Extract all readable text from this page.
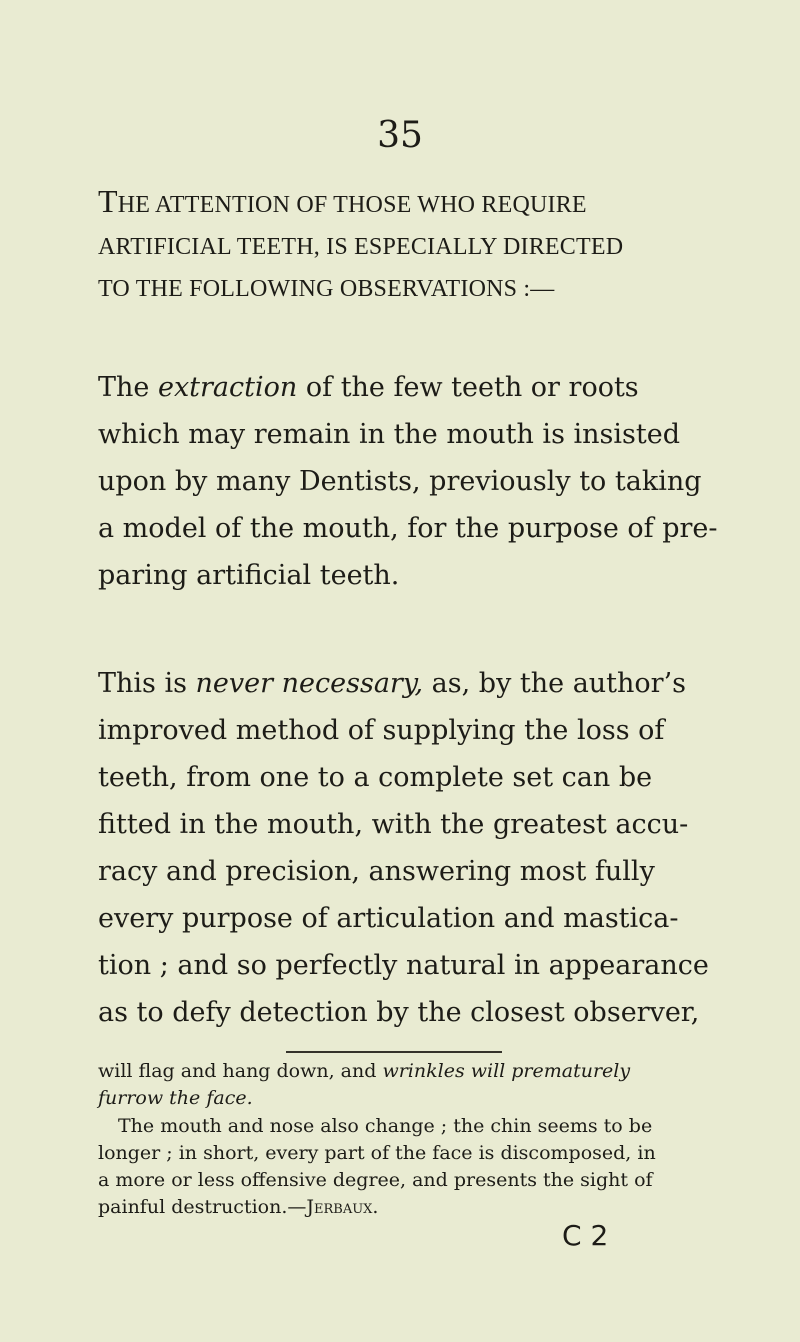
35
THE ATTENTION OF THOSE WHO REQUIRE
ARTIFICIAL TEETH, IS ESPECIALLY DIRECTED
TO THE FOLLOWING OBSERVATIONS :—

The extraction of the few teeth or roots
which may remain in the mouth is insisted
upon by many Dentists, previously to taking
a model of the mouth, for the purpose of pre-
paring artificial teeth.

This is never necessary, as, by the author’s
improved method of supplying the loss of
teeth, from one to a complete set can be
fitted in the mouth, with the greatest accu-
racy and precision, answering most fully
every purpose of articulation and mastica-
tion ; and so perfectly natural in appearance
as to defy detection by the closest observer,

will flag and hang down, and wrinkles will prematurely
furrow the face.

The mouth and nose also change ; the chin seems to be
longer ; in short, every part of the face is discomposed, in
a more or less offensive degree, and presents the sight of
painful destruction.—Jerbaux.

C 2
